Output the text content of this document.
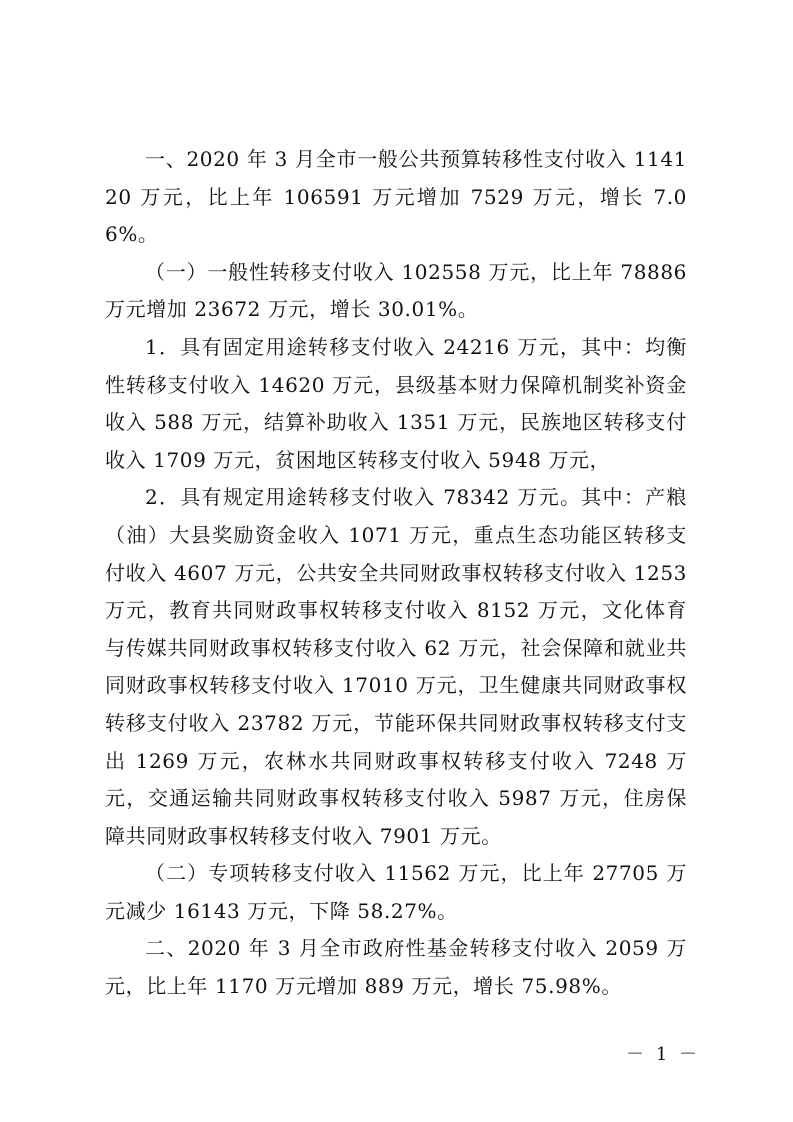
一、2020 年 3 月全市一般公共预算转移性支付收入 114120 万元，比上年 106591 万元增加 7529 万元，增长 7.06%。

（一）一般性转移支付收入 102558 万元，比上年 78886 万元增加 23672 万元，增长 30.01%。

1．具有固定用途转移支付收入 24216 万元，其中：均衡性转移支付收入 14620 万元，县级基本财力保障机制奖补资金收入 588 万元，结算补助收入 1351 万元，民族地区转移支付收入 1709 万元，贫困地区转移支付收入 5948 万元，

2．具有规定用途转移支付收入 78342 万元。其中：产粮（油）大县奖励资金收入 1071 万元，重点生态功能区转移支付收入 4607 万元，公共安全共同财政事权转移支付收入 1253 万元，教育共同财政事权转移支付收入 8152 万元，文化体育与传媒共同财政事权转移支付收入 62 万元，社会保障和就业共同财政事权转移支付收入 17010 万元，卫生健康共同财政事权转移支付收入 23782 万元，节能环保共同财政事权转移支付支出 1269 万元，农林水共同财政事权转移支付收入 7248 万元，交通运输共同财政事权转移支付收入 5987 万元，住房保障共同财政事权转移支付收入 7901 万元。

（二）专项转移支付收入 11562 万元，比上年 27705 万元减少 16143 万元，下降 58.27%。

二、2020 年 3 月全市政府性基金转移支付收入 2059 万元，比上年 1170 万元增加 889 万元，增长 75.98%。

－ 1 －
